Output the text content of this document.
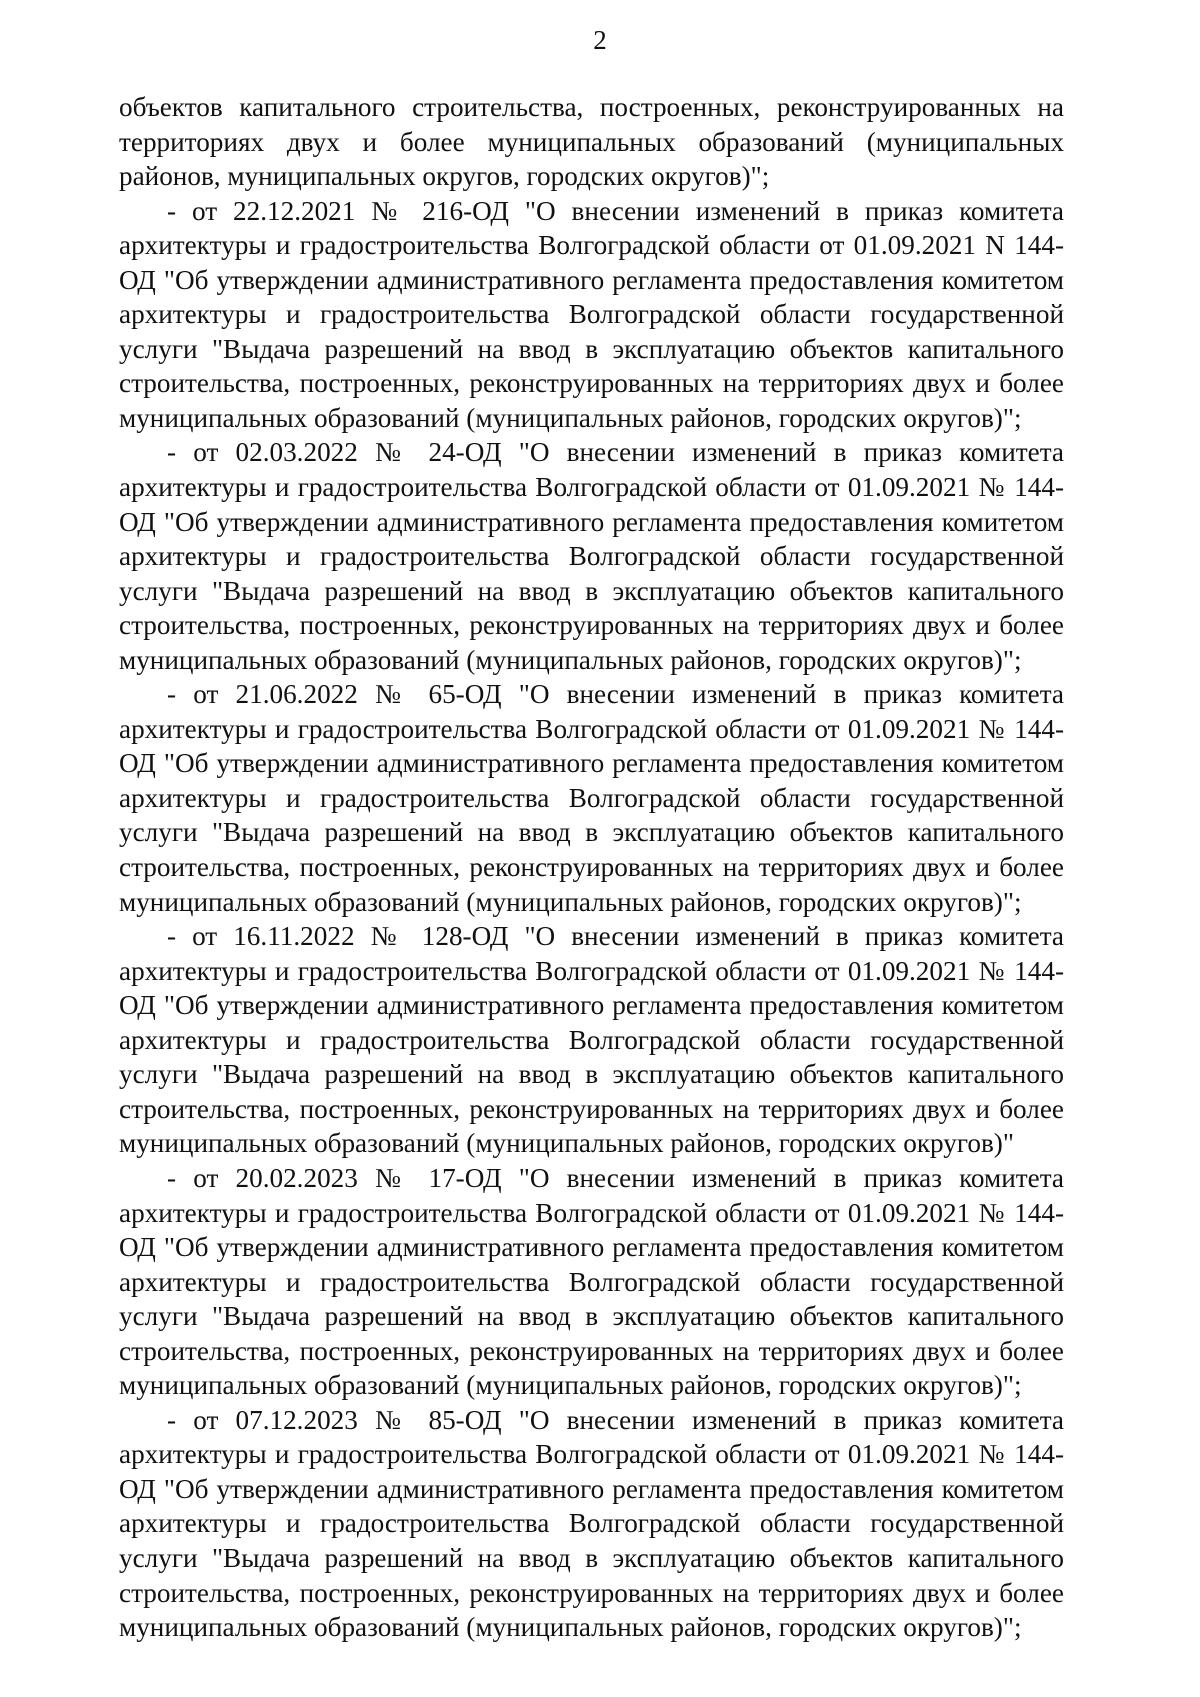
2

объектов капитального строительства, построенных, реконструированных на территориях двух и более муниципальных образований (муниципальных районов, муниципальных округов, городских округов)";

- от 22.12.2021 № 216-ОД "О внесении изменений в приказ комитета архитектуры и градостроительства Волгоградской области от 01.09.2021 N 144-ОД "Об утверждении административного регламента предоставления комитетом архитектуры и градостроительства Волгоградской области государственной услуги "Выдача разрешений на ввод в эксплуатацию объектов капитального строительства, построенных, реконструированных на территориях двух и более муниципальных образований (муниципальных районов, городских округов)";

- от 02.03.2022 № 24-ОД "О внесении изменений в приказ комитета архитектуры и градостроительства Волгоградской области от 01.09.2021 № 144-ОД "Об утверждении административного регламента предоставления комитетом архитектуры и градостроительства Волгоградской области государственной услуги "Выдача разрешений на ввод в эксплуатацию объектов капитального строительства, построенных, реконструированных на территориях двух и более муниципальных образований (муниципальных районов, городских округов)";

- от 21.06.2022 № 65-ОД "О внесении изменений в приказ комитета архитектуры и градостроительства Волгоградской области от 01.09.2021 № 144-ОД "Об утверждении административного регламента предоставления комитетом архитектуры и градостроительства Волгоградской области государственной услуги "Выдача разрешений на ввод в эксплуатацию объектов капитального строительства, построенных, реконструированных на территориях двух и более муниципальных образований (муниципальных районов, городских округов)";

- от 16.11.2022 № 128-ОД "О внесении изменений в приказ комитета архитектуры и градостроительства Волгоградской области от 01.09.2021 № 144-ОД "Об утверждении административного регламента предоставления комитетом архитектуры и градостроительства Волгоградской области государственной услуги "Выдача разрешений на ввод в эксплуатацию объектов капитального строительства, построенных, реконструированных на территориях двух и более муниципальных образований (муниципальных районов, городских округов)"

- от 20.02.2023 № 17-ОД "О внесении изменений в приказ комитета архитектуры и градостроительства Волгоградской области от 01.09.2021 № 144-ОД "Об утверждении административного регламента предоставления комитетом архитектуры и градостроительства Волгоградской области государственной услуги "Выдача разрешений на ввод в эксплуатацию объектов капитального строительства, построенных, реконструированных на территориях двух и более муниципальных образований (муниципальных районов, городских округов)";

- от 07.12.2023 № 85-ОД "О внесении изменений в приказ комитета архитектуры и градостроительства Волгоградской области от 01.09.2021 № 144-ОД "Об утверждении административного регламента предоставления комитетом архитектуры и градостроительства Волгоградской области государственной услуги "Выдача разрешений на ввод в эксплуатацию объектов капитального строительства, построенных, реконструированных на территориях двух и более муниципальных образований (муниципальных районов, городских округов)";
